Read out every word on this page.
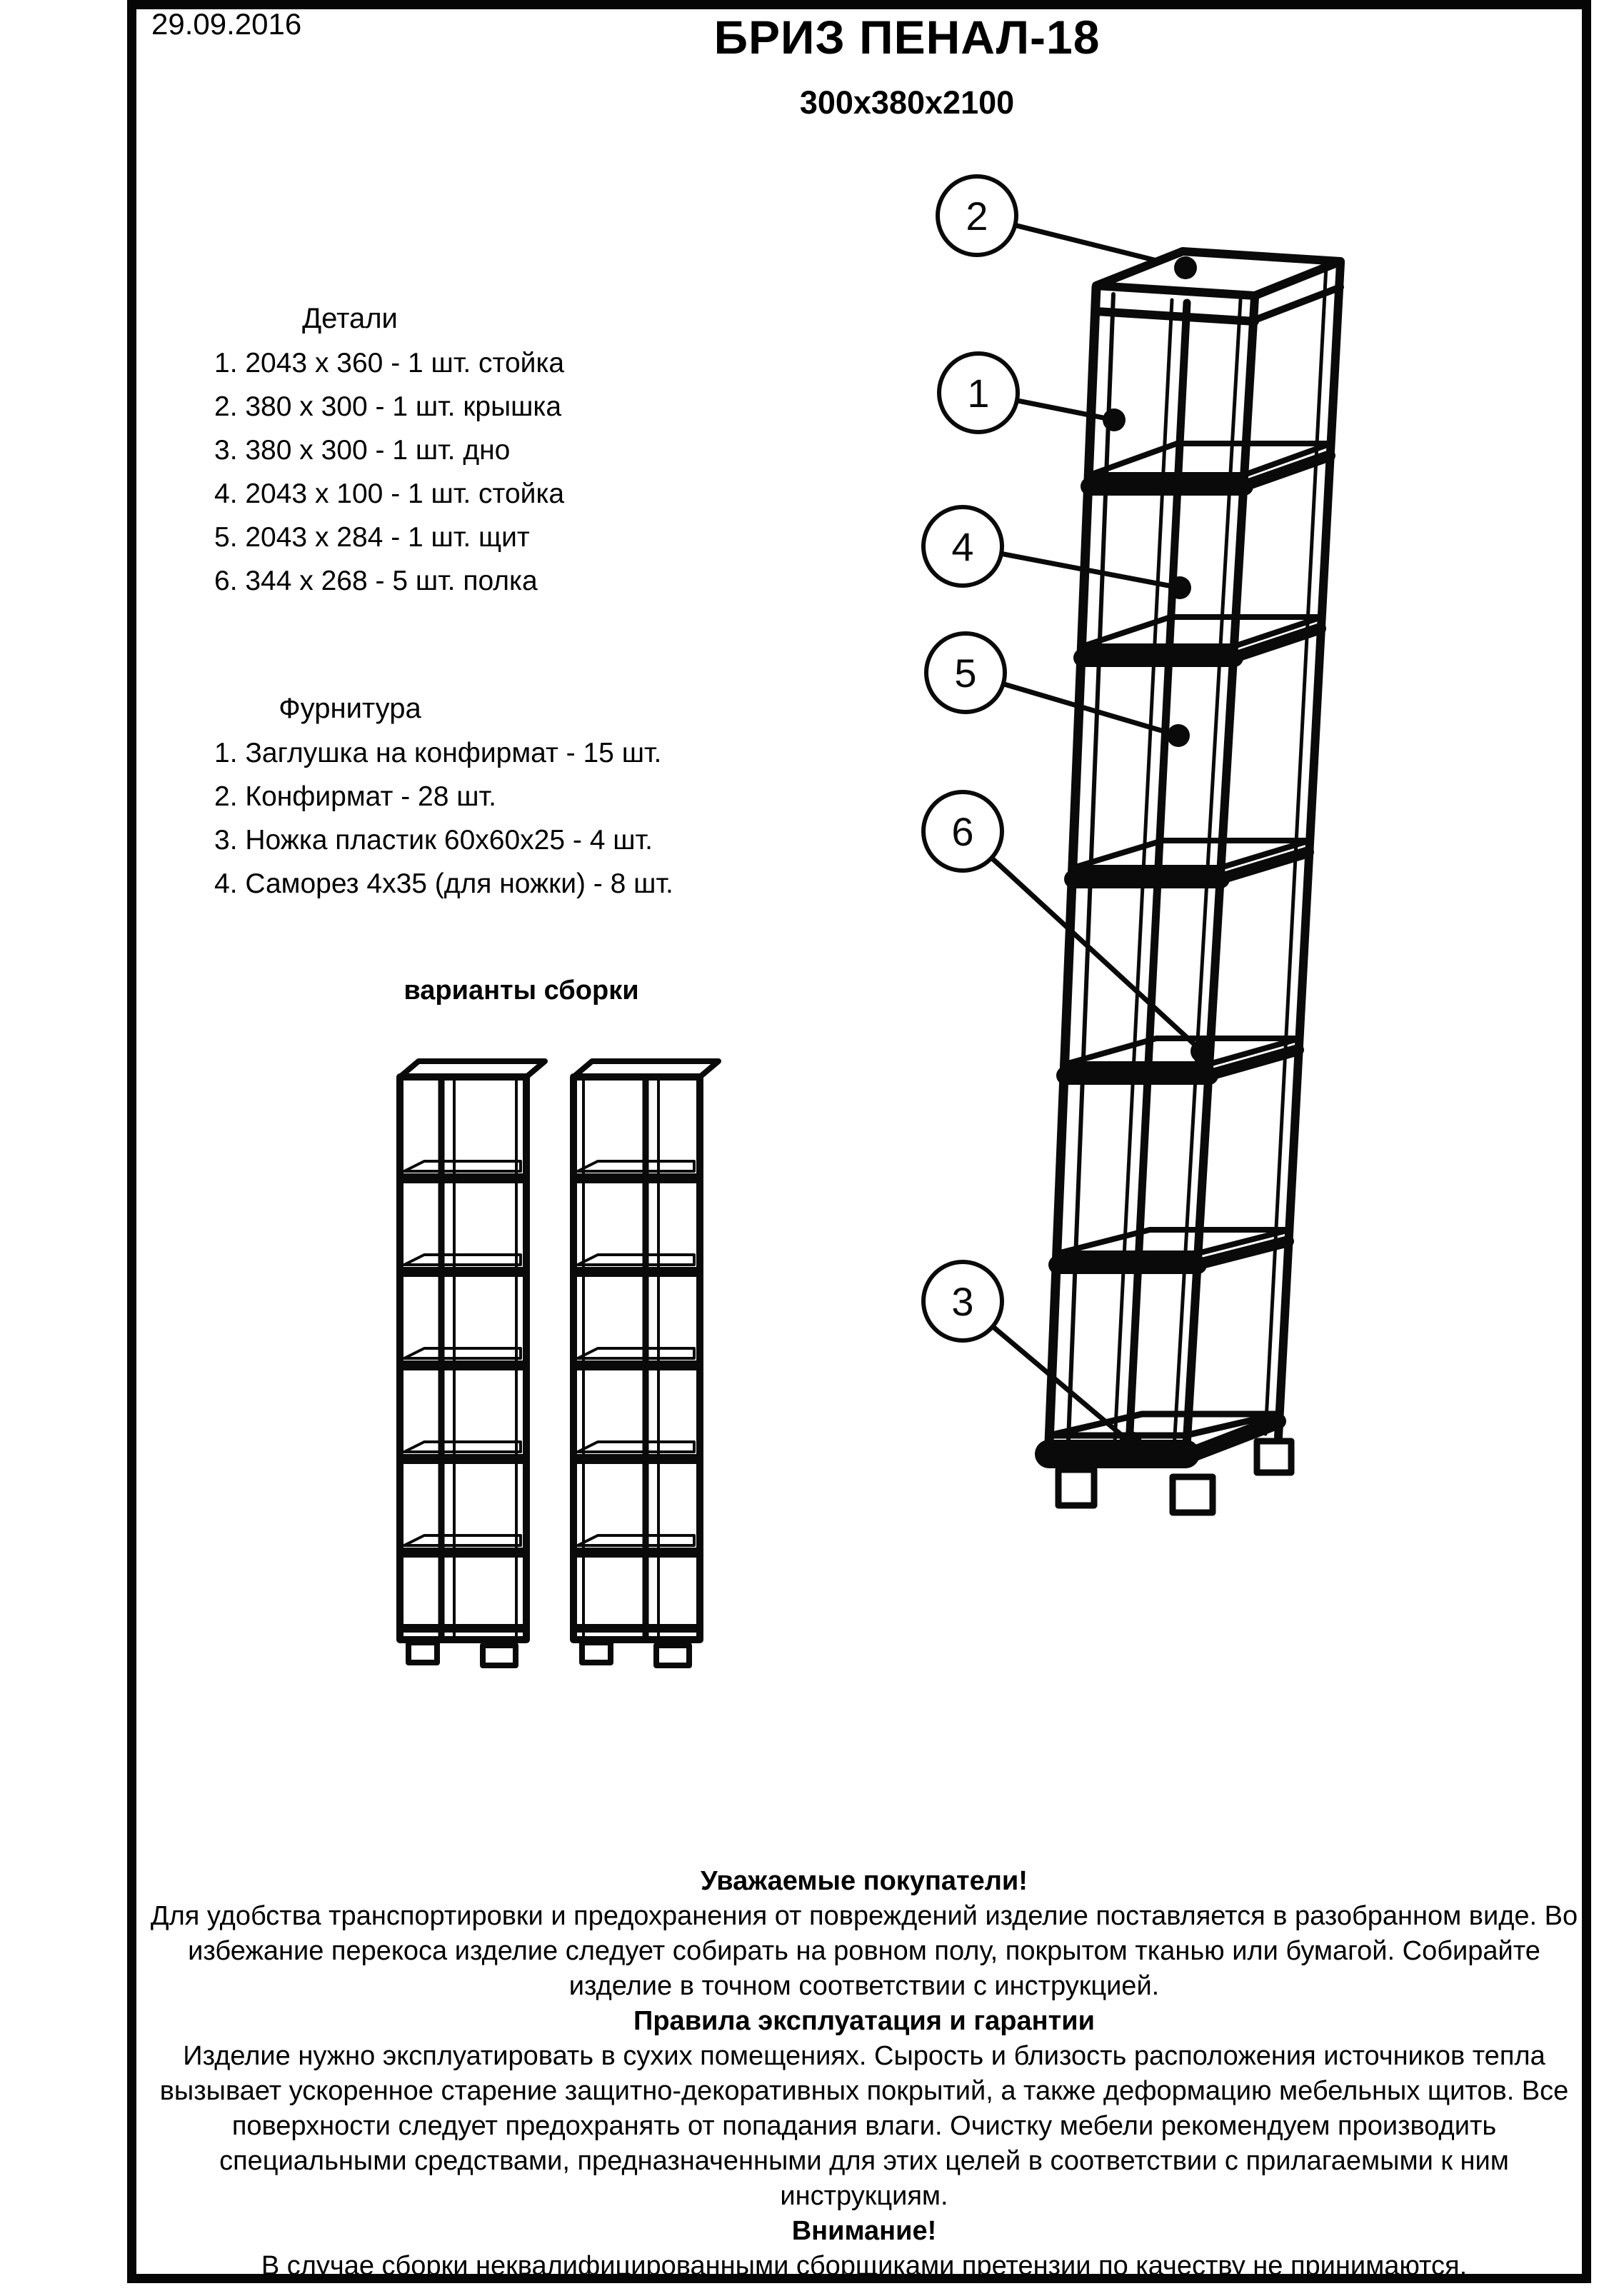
29.09.2016	БРИЗ ПЕНАЛ-18
300х380х2100
Детали
1. 2043 х 360 - 1 шт. стойка
2. 380 х 300 - 1 шт. крышка
3. 380 х 300 - 1 шт. дно
4. 2043 х 100 - 1 шт. стойка
5. 2043 х 284 - 1 шт. щит
6. 344 х 268 - 5 шт. полка
Фурнитура
1. Заглушка на конфирмат - 15 шт.
2. Конфирмат - 28 шт.
3. Ножка пластик 60х60х25 - 4 шт.
4. Саморез 4х35 (для ножки) - 8 шт.
варианты сборки
2
1
4
5
6
3

Уважаемые покупатели!

Для удобства транспортировки и предохранения от повреждений изделие поставляется в разобранном виде. Во избежание перекоса изделие следует собирать на ровном полу, покрытом тканью или бумагой. Собирайте изделие в точном соответствии с инструкцией.

Правила эксплуатация и гарантии

Изделие нужно эксплуатировать в сухих помещениях. Сырость и близость расположения источников тепла вызывает ускоренное старение защитно-декоративных покрытий, а также деформацию мебельных щитов. Все поверхности следует предохранять от попадания влаги. Очистку мебели рекомендуем производить специальными средствами, предназначенными для этих целей в соответствии с прилагаемыми к ним инструкциям.

Внимание!

В случае сборки неквалифицированными сборщиками претензии по качеству не принимаются.
